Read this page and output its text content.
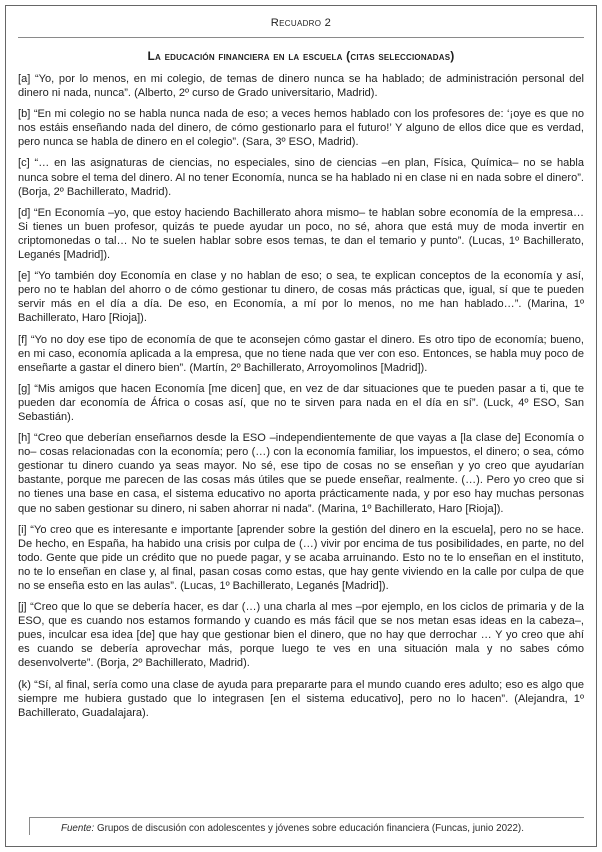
Recuadro 2
La educación financiera en la escuela (citas seleccionadas)

[a] “Yo, por lo menos, en mi colegio, de temas de dinero nunca se ha hablado; de administración personal del dinero ni nada, nunca”. (Alberto, 2º curso de Grado universitario, Madrid).

[b] “En mi colegio no se habla nunca nada de eso; a veces hemos hablado con los profesores de: ‘¡oye es que no nos estáis enseñando nada del dinero, de cómo gestionarlo para el futuro!’ Y alguno de ellos dice que es verdad, pero nunca se habla de dinero en el colegio”. (Sara, 3º ESO, Madrid).

[c] “… en las asignaturas de ciencias, no especiales, sino de ciencias –en plan, Física, Química– no se habla nunca sobre el tema del dinero. Al no tener Economía, nunca se ha hablado ni en clase ni en nada sobre el dinero”. (Borja, 2º Bachillerato, Madrid).

[d] “En Economía –yo, que estoy haciendo Bachillerato ahora mismo– te hablan sobre economía de la empresa… Si tienes un buen profesor, quizás te puede ayudar un poco, no sé, ahora que está muy de moda invertir en criptomonedas o tal… No te suelen hablar sobre esos temas, te dan el temario y punto”. (Lucas, 1º Bachillerato, Leganés [Madrid]).

[e] “Yo también doy Economía en clase y no hablan de eso; o sea, te explican conceptos de la economía y así, pero no te hablan del ahorro o de cómo gestionar tu dinero, de cosas más prácticas que, igual, sí que te pueden servir más en el día a día. De eso, en Economía, a mí por lo menos, no me han hablado…”. (Marina, 1º Bachillerato, Haro [Rioja]).

[f] “Yo no doy ese tipo de economía de que te aconsejen cómo gastar el dinero. Es otro tipo de economía; bueno, en mi caso, economía aplicada a la empresa, que no tiene nada que ver con eso. Entonces, se habla muy poco de enseñarte a gastar el dinero bien”. (Martín, 2º Bachillerato, Arroyomolinos [Madrid]).

[g] “Mis amigos que hacen Economía [me dicen] que, en vez de dar situaciones que te pueden pasar a ti, que te pueden dar economía de África o cosas así, que no te sirven para nada en el día en sí”. (Luck, 4º ESO, San Sebastián).

[h] “Creo que deberían enseñarnos desde la ESO –independientemente de que vayas a [la clase de] Economía o no– cosas relacionadas con la economía; pero (…) con la economía familiar, los impuestos, el dinero; o sea, cómo gestionar tu dinero cuando ya seas mayor. No sé, ese tipo de cosas no se enseñan y yo creo que ayudarían bastante, porque me parecen de las cosas más útiles que se puede enseñar, realmente. (…). Pero yo creo que si no tienes una base en casa, el sistema educativo no aporta prácticamente nada, y por eso hay muchas personas que no saben gestionar su dinero, ni saben ahorrar ni nada”. (Marina, 1º Bachillerato, Haro [Rioja]).

[i] “Yo creo que es interesante e importante [aprender sobre la gestión del dinero en la escuela], pero no se hace. De hecho, en España, ha habido una crisis por culpa de (…) vivir por encima de tus posibilidades, en parte, no del todo. Gente que pide un crédito que no puede pagar, y se acaba arruinando. Esto no te lo enseñan en el instituto, no te lo enseñan en clase y, al final, pasan cosas como estas, que hay gente viviendo en la calle por culpa de que no se enseña esto en las aulas”. (Lucas, 1º Bachillerato, Leganés [Madrid]).

[j] “Creo que lo que se debería hacer, es dar (…) una charla al mes –por ejemplo, en los ciclos de primaria y de la ESO, que es cuando nos estamos formando y cuando es más fácil que se nos metan esas ideas en la cabeza–, pues, inculcar esa idea [de] que hay que gestionar bien el dinero, que no hay que derrochar … Y yo creo que ahí es cuando se debería aprovechar más, porque luego te ves en una situación mala y no sabes cómo desenvolverte”. (Borja, 2º Bachillerato, Madrid).

(k) “Sí, al final, sería como una clase de ayuda para prepararte para el mundo cuando eres adulto; eso es algo que siempre me hubiera gustado que lo integrasen [en el sistema educativo], pero no lo hacen”. (Alejandra, 1º Bachillerato, Guadalajara).

Fuente: Grupos de discusión con adolescentes y jóvenes sobre educación financiera (Funcas, junio 2022).
